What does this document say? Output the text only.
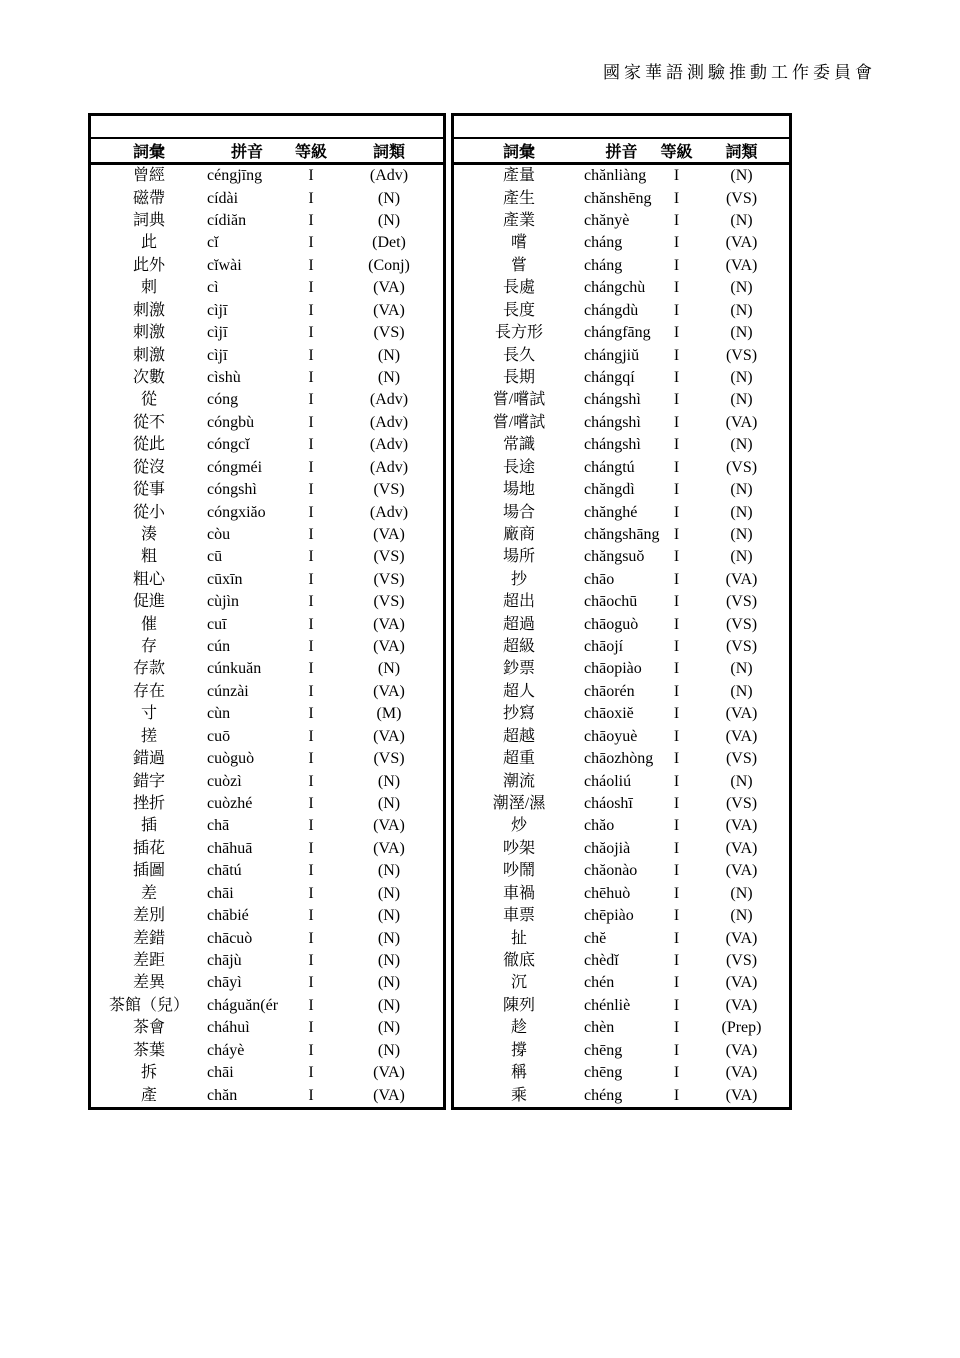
國家華語測驗推動工作委員會
詞彙	拼音	等級	詞類
曾經	céngjīng	I	(Adv)
磁帶	cídài	I	(N)
詞典	cídiăn	I	(N)
此	cĭ	I	(Det)
此外	cĭwài	I	(Conj)
刺	cì	I	(VA)
刺激	cìjī	I	(VA)
刺激	cìjī	I	(VS)
刺激	cìjī	I	(N)
次數	cìshù	I	(N)
從	cóng	I	(Adv)
從不	cóngbù	I	(Adv)
從此	cóngcĭ	I	(Adv)
從沒	cóngméi	I	(Adv)
從事	cóngshì	I	(VS)
從小	cóngxiăo	I	(Adv)
湊	còu	I	(VA)
粗	cū	I	(VS)
粗心	cūxīn	I	(VS)
促進	cùjìn	I	(VS)
催	cuī	I	(VA)
存	cún	I	(VA)
存款	cúnkuăn	I	(N)
存在	cúnzài	I	(VA)
寸	cùn	I	(M)
搓	cuō	I	(VA)
錯過	cuòguò	I	(VS)
錯字	cuòzì	I	(N)
挫折	cuòzhé	I	(N)
插	chā	I	(VA)
插花	chāhuā	I	(VA)
插圖	chātú	I	(N)
差	chāi	I	(N)
差別	chābié	I	(N)
差錯	chācuò	I	(N)
差距	chājù	I	(N)
差異	chāyì	I	(N)
茶館（兒）	cháguăn(ér	I	(N)
茶會	cháhuì	I	(N)
茶葉	cháyè	I	(N)
拆	chāi	I	(VA)
產	chăn	I	(VA)
詞彙	拼音	等級	詞類
產量	chănliàng	I	(N)
產生	chănshēng	I	(VS)
產業	chănyè	I	(N)
嚐	cháng	I	(VA)
嘗	cháng	I	(VA)
長處	chángchù	I	(N)
長度	chángdù	I	(N)
長方形	chángfāng	I	(N)
長久	chángjiŭ	I	(VS)
長期	chángqí	I	(N)
嘗/嚐試	chángshì	I	(N)
嘗/嚐試	chángshì	I	(VA)
常識	chángshì	I	(N)
長途	chángtú	I	(VS)
場地	chăngdì	I	(N)
場合	chănghé	I	(N)
廠商	chăngshāng I	(N)
場所	chăngsuŏ	I	(N)
抄	chāo	I	(VA)
超出	chāochū	I	(VS)
超過	chāoguò	I	(VS)
超級	chāojí	I	(VS)
鈔票	chāopiào	I	(N)
超人	chāorén	I	(N)
抄寫	chāoxiĕ	I	(VA)
超越	chāoyuè	I	(VA)
超重	chāozhòng	I	(VS)
潮流	cháoliú	I	(N)
潮溼/濕	cháoshī	I	(VS)
炒	chăo	I	(VA)
吵架	chăojià	I	(VA)
吵鬧	chăonào	I	(VA)
車禍	chēhuò	I	(N)
車票	chēpiào	I	(N)
扯	chĕ	I	(VA)
徹底	chèdĭ	I	(VS)
沉	chén	I	(VA)
陳列	chénliè	I	(VA)
趁	chèn	I	(Prep)
撐	chēng	I	(VA)
稱	chēng	I	(VA)
乘	chéng	I	(VA)
